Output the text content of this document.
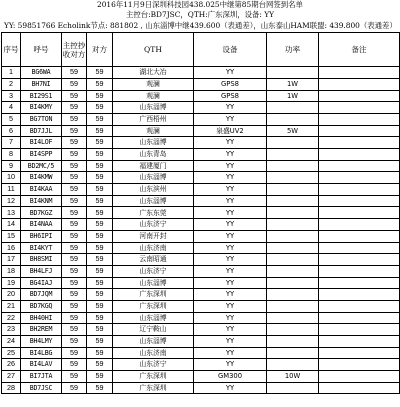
2016年11月9日深圳科技园438.025中继第85期台网签到名单
主控台:BD7JSC，QTH:广东深圳，设备: YY
YY: 59851766 Echolink节点: 881802 , 山东淄博中继439.600（表通差），山东泰山HAM联盟: 439.800（表通差）
序号	呼号	主控抄收对方	对方	QTH	设备	功率	备注
1	BG6WA	59	59	湖北大冶	YY		
2	BH7NI	59	59	观澜	GPS8	1W	
3	BI29S1	59	59	观澜	GPS8	1W	
4	BI4KMY	59	59	山东淄博	YY		
5	BG7TON	59	59	广西梧州	YY		
6	BD7JJL	59	59	观澜	泉盛UV2	5W	
7	BI4LOF	59	59	山东淄博	YY		
8	BI4SPP	59	59	山东青岛	YY		
9	BD2MC/5	59	59	福建厦门	YY		
10	BI4KMW	59	59	山东淄博	YY		
11	BI4KAA	59	59	山东滨州	YY		
12	BI4KNM	59	59	山东淄博	YY		
13	BD7KGZ	59	59	广东东莞	YY		
14	BI4NAA	59	59	山东济宁	YY		
15	BH6IPI	59	59	河南开封	YY		
16	BI4KYT	59	59	山东济南	YY		
17	BH8SMI	59	59	云南昭通	YY		
18	BH4LFJ	59	59	山东济宁	YY		
19	BG4IAJ	59	59	山东淄博	YY		
20	BD7JQM	59	59	广东深圳	YY		
21	BD7KGQ	59	59	广东深圳	YY		
22	BH40HI	59	59	山东淄博	YY		
23	BH2REM	59	59	辽宁鞍山	YY		
24	BH4LMY	59	59	山东淄博	YY		
25	BI4LBG	59	59	山东济南	YY		
26	BI4LAV	59	59	山东济宁	YY		
27	BI7JTA	59	59	广东深圳	GM300	10W	
28	BD7JSC	59	59	广东深圳	YY		
